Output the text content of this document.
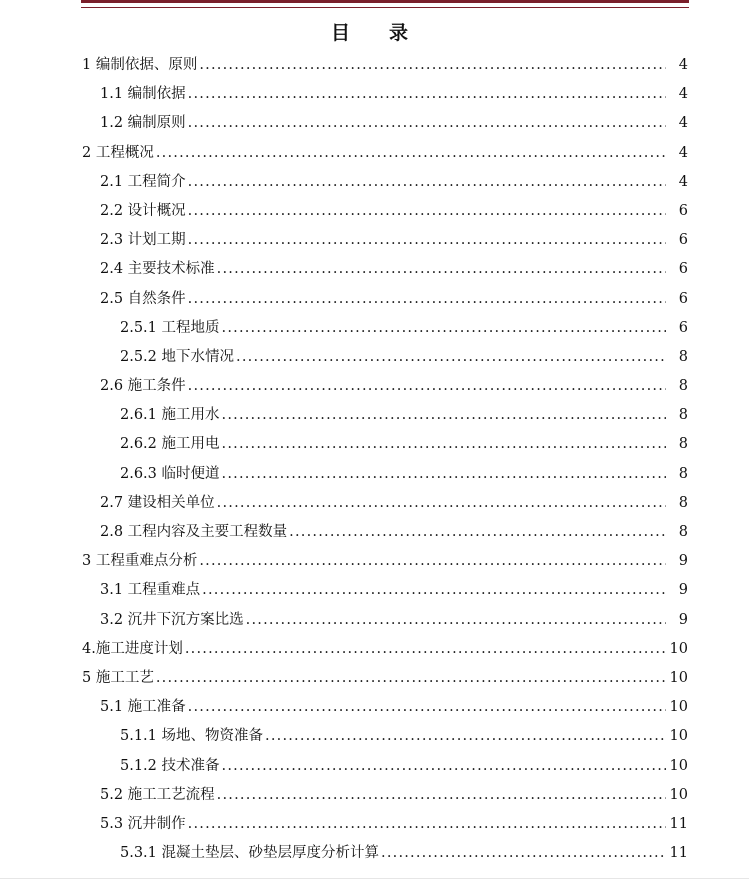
目　录
1 编制依据、原则 .....	4
1.1 编制依据 .....	4
1.2 编制原则 .....	4
2 工程概况 .....	4
2.1 工程简介 .....	4
2.2 设计概况 .....	6
2.3 计划工期 .....	6
2.4 主要技术标准 .....	6
2.5 自然条件 .....	6
2.5.1 工程地质 .....	6
2.5.2 地下水情况 .....	8
2.6 施工条件 .....	8
2.6.1 施工用水 .....	8
2.6.2 施工用电 .....	8
2.6.3 临时便道 .....	8
2.7 建设相关单位 .....	8
2.8 工程内容及主要工程数量 .....	8
3 工程重难点分析 .....	9
3.1 工程重难点 .....	9
3.2 沉井下沉方案比选 .....	9
4.施工进度计划 .....	10
5 施工工艺 .....	10
5.1 施工准备 .....	10
5.1.1 场地、物资准备 .....	10
5.1.2 技术准备 .....	10
5.2 施工工艺流程 .....	10
5.3 沉井制作 .....	11
5.3.1 混凝土垫层、砂垫层厚度分析计算 .....	11
